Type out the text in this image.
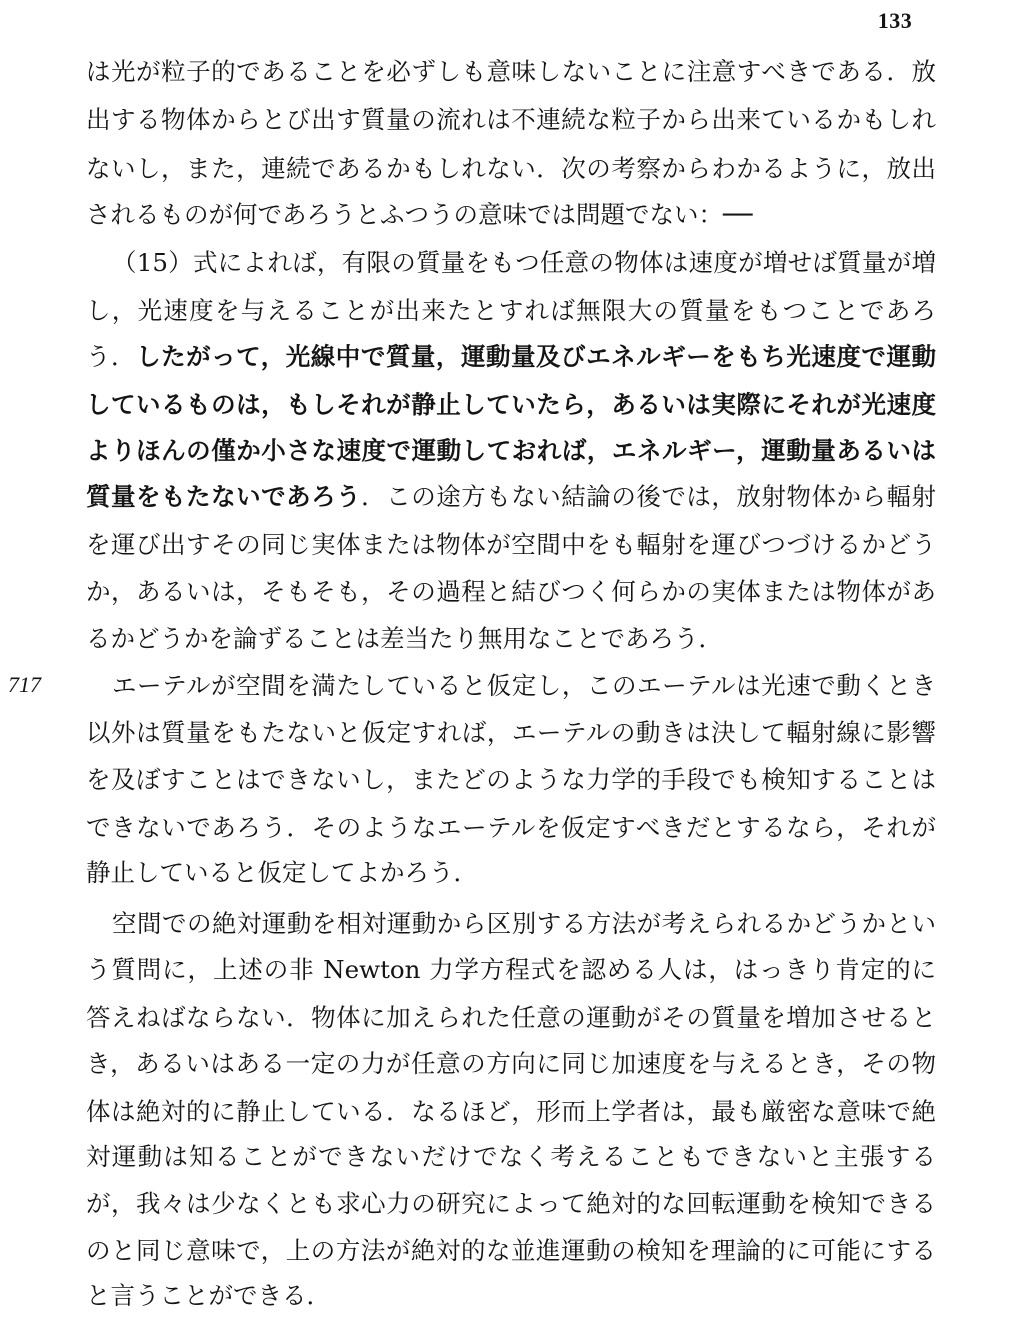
133
717
は光が粒子的であることを必ずしも意味しないことに注意すべきである．放
出する物体からとび出す質量の流れは不連続な粒子から出来ているかもしれ
ないし，また，連続であるかもしれない．次の考察からわかるように，放出
されるものが何であろうとふつうの意味では問題でない：──
（15）式によれば，有限の質量をもつ任意の物体は速度が増せば質量が増
し，光速度を与えることが出来たとすれば無限大の質量をもつことであろ
う．したがって，光線中で質量，運動量及びエネルギーをもち光速度で運動
しているものは，もしそれが静止していたら，あるいは実際にそれが光速度
よりほんの僅か小さな速度で運動しておれば，エネルギー，運動量あるいは
質量をもたないであろう．この途方もない結論の後では，放射物体から輻射
を運び出すその同じ実体または物体が空間中をも輻射を運びつづけるかどう
か，あるいは，そもそも，その過程と結びつく何らかの実体または物体があ
るかどうかを論ずることは差当たり無用なことであろう．
エーテルが空間を満たしていると仮定し，このエーテルは光速で動くとき
以外は質量をもたないと仮定すれば，エーテルの動きは決して輻射線に影響
を及ぼすことはできないし，またどのような力学的手段でも検知することは
できないであろう．そのようなエーテルを仮定すべきだとするなら，それが
静止していると仮定してよかろう．
空間での絶対運動を相対運動から区別する方法が考えられるかどうかとい
う質問に，上述の非 Newton 力学方程式を認める人は，はっきり肯定的に
答えねばならない．物体に加えられた任意の運動がその質量を増加させると
き，あるいはある一定の力が任意の方向に同じ加速度を与えるとき，その物
体は絶対的に静止している．なるほど，形而上学者は，最も厳密な意味で絶
対運動は知ることができないだけでなく考えることもできないと主張する
が，我々は少なくとも求心力の研究によって絶対的な回転運動を検知できる
のと同じ意味で，上の方法が絶対的な並進運動の検知を理論的に可能にする
と言うことができる．
